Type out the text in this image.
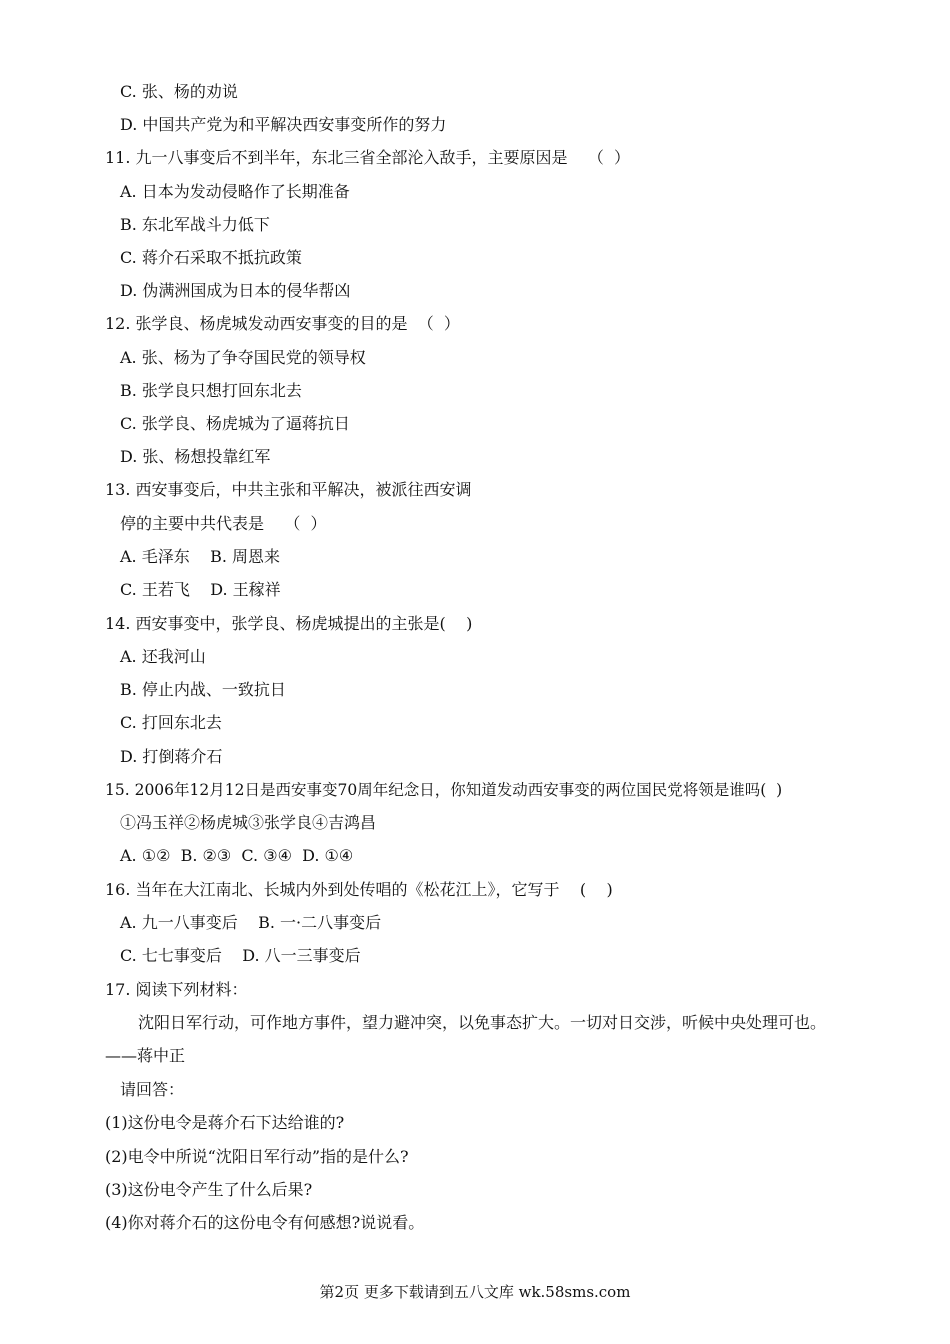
C. 张、杨的劝说
D. 中国共产党为和平解决西安事变所作的努力
11. 九一八事变后不到半年，东北三省全部沦入敌手，主要原因是    （  ）
A. 日本为发动侵略作了长期准备
B. 东北军战斗力低下
C. 蒋介石采取不抵抗政策
D. 伪满洲国成为日本的侵华帮凶
12. 张学良、杨虎城发动西安事变的目的是  （  ）
A. 张、杨为了争夺国民党的领导权
B. 张学良只想打回东北去
C. 张学良、杨虎城为了逼蒋抗日
D. 张、杨想投靠红军
13. 西安事变后，中共主张和平解决，被派往西安调
停的主要中共代表是    （  ）
A. 毛泽东    B. 周恩来
C. 王若飞    D. 王稼祥
14. 西安事变中，张学良、杨虎城提出的主张是(    )
A. 还我河山
B. 停止内战、一致抗日
C. 打回东北去
D. 打倒蒋介石
15. 2006年12月12日是西安事变70周年纪念日，你知道发动西安事变的两位国民党将领是谁吗(  )
①冯玉祥②杨虎城③张学良④吉鸿昌
A. ①②  B. ②③  C. ③④  D. ①④
16. 当年在大江南北、长城内外到处传唱的《松花江上》，它写于    (    )
A. 九一八事变后    B. 一·二八事变后
C. 七七事变后    D. 八一三事变后
17. 阅读下列材料：
沈阳日军行动，可作地方事件，望力避冲突，以免事态扩大。一切对日交涉，听候中央处理可也。
——蒋中正
请回答：
(1)这份电令是蒋介石下达给谁的?
(2)电令中所说“沈阳日军行动”指的是什么?
(3)这份电令产生了什么后果?
(4)你对蒋介石的这份电令有何感想?说说看。
第2页 更多下载请到五八文库 wk.58sms.com
